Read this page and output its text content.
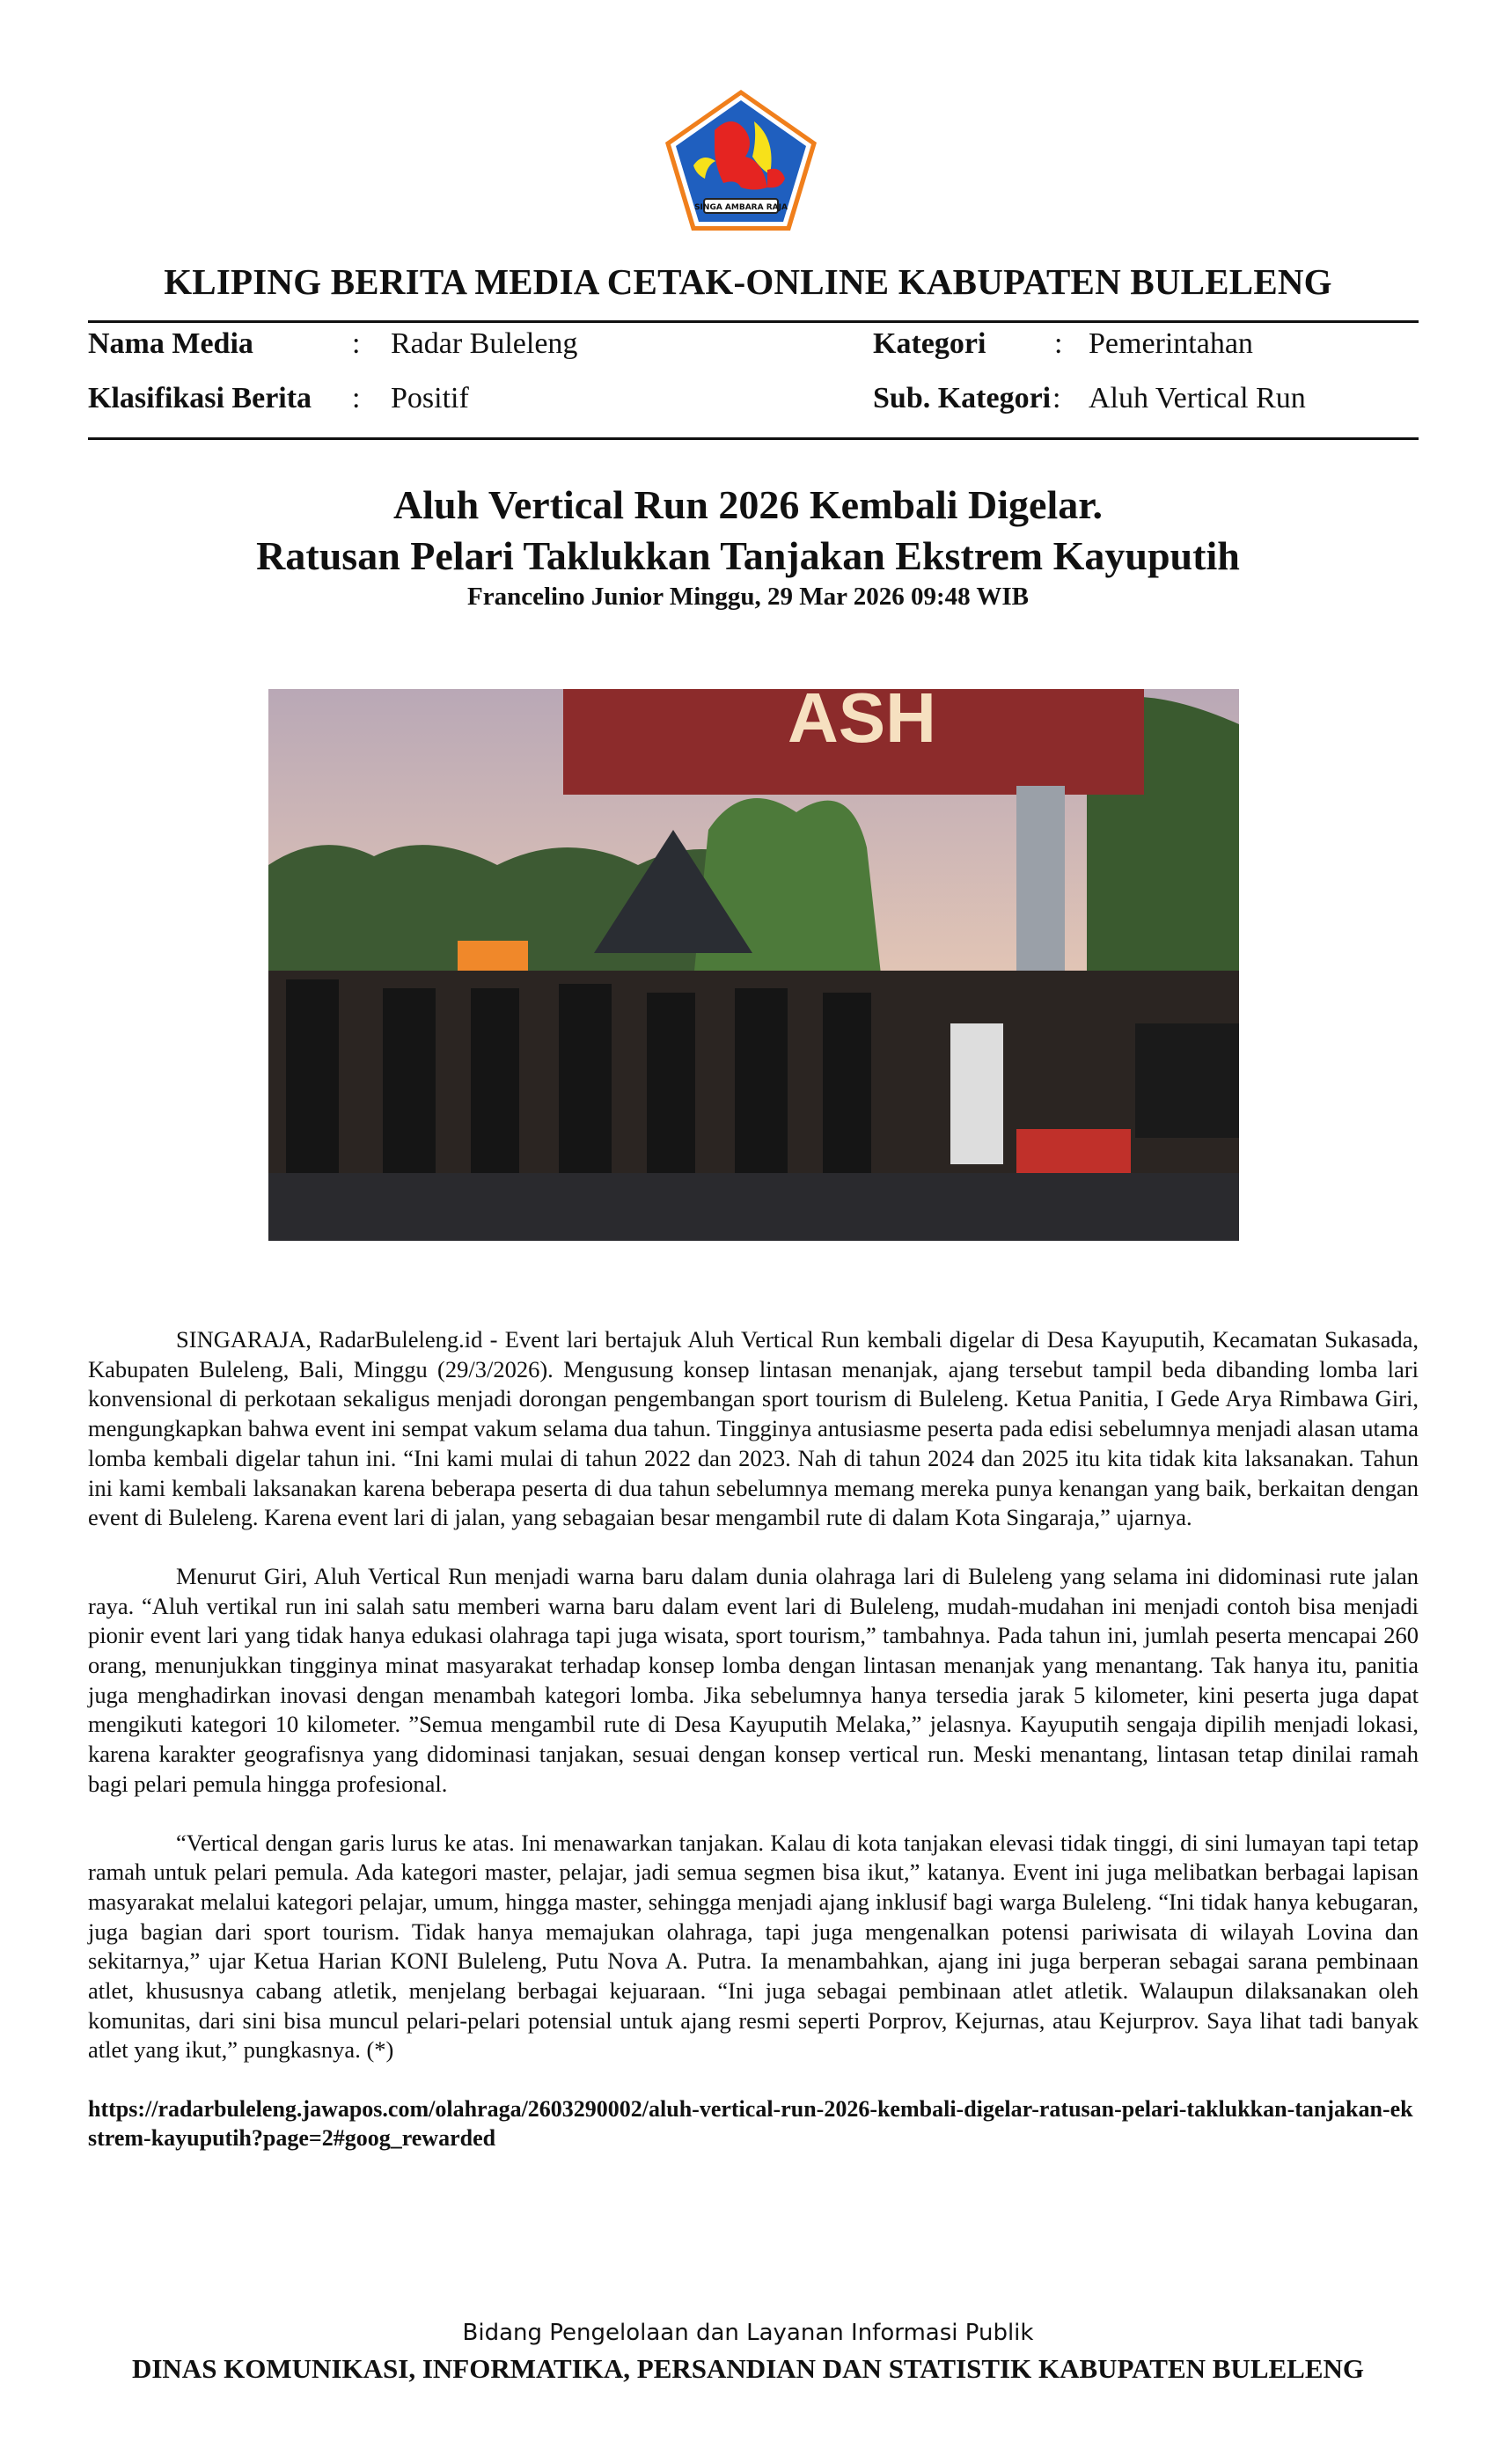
SINGA AMBARA RAJA
KLIPING BERITA MEDIA CETAK-ONLINE KABUPATEN BULELENG
Nama Media	: Radar Buleleng	Kategori : Pemerintahan
Klasifikasi Berita : Positif	Sub. Kategori : Aluh Vertical Run
Aluh Vertical Run 2026 Kembali Digelar.
Ratusan Pelari Taklukkan Tanjakan Ekstrem Kayuputih
Francelino Junior Minggu, 29 Mar 2026 09:48 WIB
ASH

SINGARAJA, RadarBuleleng.id - Event lari bertajuk Aluh Vertical Run kembali digelar di Desa Kayuputih, Kecamatan Sukasada, Kabupaten Buleleng, Bali, Minggu (29/3/2026). Mengusung konsep lintasan menanjak, ajang tersebut tampil beda dibanding lomba lari konvensional di perkotaan sekaligus menjadi dorongan pengembangan sport tourism di Buleleng. Ketua Panitia, I Gede Arya Rimbawa Giri, mengungkapkan bahwa event ini sempat vakum selama dua tahun. Tingginya antusiasme peserta pada edisi sebelumnya menjadi alasan utama lomba kembali digelar tahun ini. “Ini kami mulai di tahun 2022 dan 2023. Nah di tahun 2024 dan 2025 itu kita tidak kita laksanakan. Tahun ini kami kembali laksanakan karena beberapa peserta di dua tahun sebelumnya memang mereka punya kenangan yang baik, berkaitan dengan event di Buleleng. Karena event lari di jalan, yang sebagaian besar mengambil rute di dalam Kota Singaraja,” ujarnya.

Menurut Giri, Aluh Vertical Run menjadi warna baru dalam dunia olahraga lari di Buleleng yang selama ini didominasi rute jalan raya. “Aluh vertikal run ini salah satu memberi warna baru dalam event lari di Buleleng, mudah-mudahan ini menjadi contoh bisa menjadi pionir event lari yang tidak hanya edukasi olahraga tapi juga wisata, sport tourism,” tambahnya. Pada tahun ini, jumlah peserta mencapai 260 orang, menunjukkan tingginya minat masyarakat terhadap konsep lomba dengan lintasan menanjak yang menantang. Tak hanya itu, panitia juga menghadirkan inovasi dengan menambah kategori lomba. Jika sebelumnya hanya tersedia jarak 5 kilometer, kini peserta juga dapat mengikuti kategori 10 kilometer. ”Semua mengambil rute di Desa Kayuputih Melaka,” jelasnya. Kayuputih sengaja dipilih menjadi lokasi, karena karakter geografisnya yang didominasi tanjakan, sesuai dengan konsep vertical run. Meski menantang, lintasan tetap dinilai ramah bagi pelari pemula hingga profesional.

“Vertical dengan garis lurus ke atas. Ini menawarkan tanjakan. Kalau di kota tanjakan elevasi tidak tinggi, di sini lumayan tapi tetap ramah untuk pelari pemula. Ada kategori master, pelajar, jadi semua segmen bisa ikut,” katanya. Event ini juga melibatkan berbagai lapisan masyarakat melalui kategori pelajar, umum, hingga master, sehingga menjadi ajang inklusif bagi warga Buleleng. “Ini tidak hanya kebugaran, juga bagian dari sport tourism. Tidak hanya memajukan olahraga, tapi juga mengenalkan potensi pariwisata di wilayah Lovina dan sekitarnya,” ujar Ketua Harian KONI Buleleng, Putu Nova A. Putra. Ia menambahkan, ajang ini juga berperan sebagai sarana pembinaan atlet, khususnya cabang atletik, menjelang berbagai kejuaraan. “Ini juga sebagai pembinaan atlet atletik. Walaupun dilaksanakan oleh komunitas, dari sini bisa muncul pelari-pelari potensial untuk ajang resmi seperti Porprov, Kejurnas, atau Kejurprov. Saya lihat tadi banyak atlet yang ikut,” pungkasnya. (*)

https://radarbuleleng.jawapos.com/olahraga/2603290002/aluh-vertical-run-2026-kembali-digelar-ratusan-pelari-taklukkan-tanjakan-ekstrem-kayuputih?page=2#goog_rewarded

Bidang Pengelolaan dan Layanan Informasi Publik
DINAS KOMUNIKASI, INFORMATIKA, PERSANDIAN DAN STATISTIK KABUPATEN BULELENG
